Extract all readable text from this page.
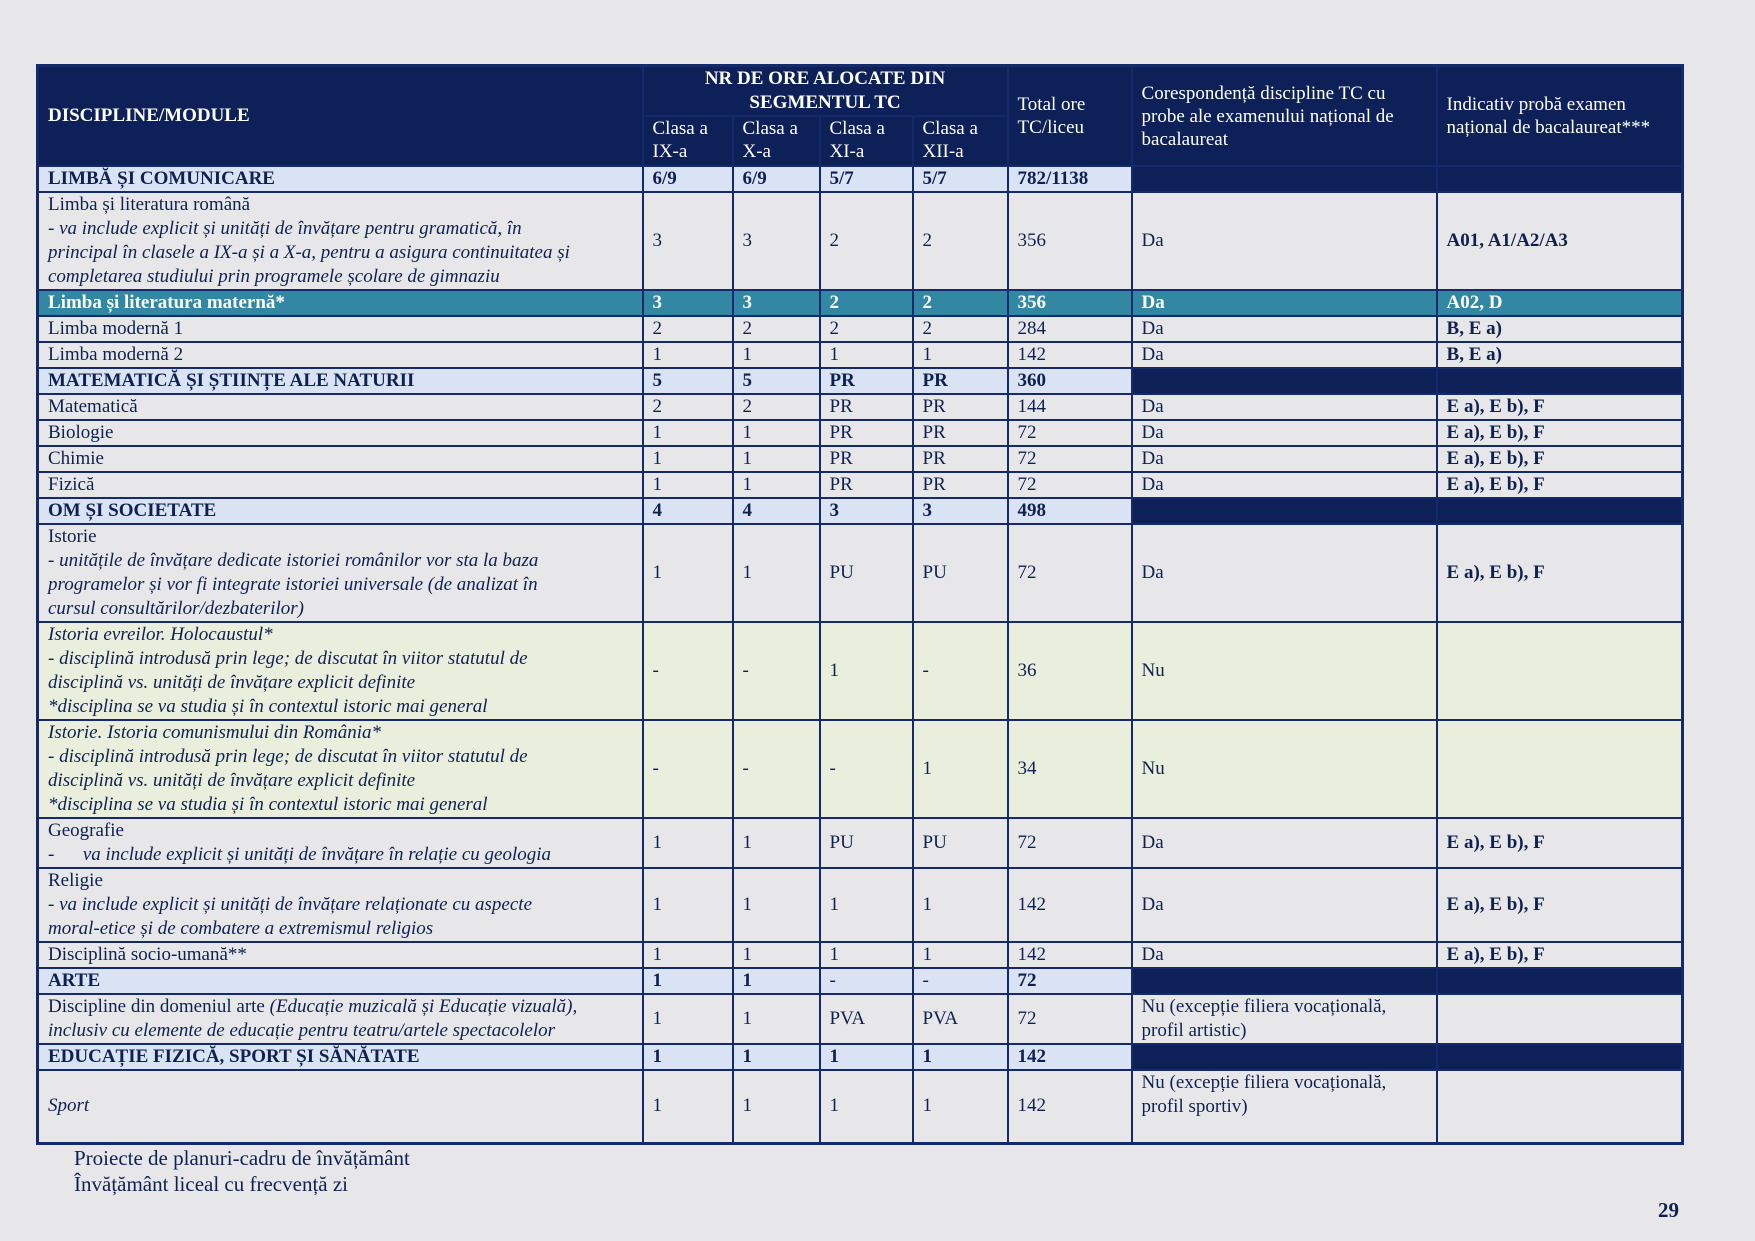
DISCIPLINE/MODULE	NR DE ORE ALOCATE DIN SEGMENTUL TC				Total ore TC/liceu	Corespondență discipline TC cu probe ale examenului național de bacalaureat	Indicativ probă examen național de bacalaureat***
	Clasa a IX-a	Clasa a X-a	Clasa a XI-a	Clasa a XII-a			
LIMBĂ ȘI COMUNICARE	6/9	6/9	5/7	5/7	782/1138		

Limba și literatura română
- va include explicit și unități de învățare pentru gramatică, în
principal în clasele a IX-a și a X-a, pentru a asigura continuitatea și
completarea studiului prin programele școlare de gimnaziu	3	3	2	2	356	Da	A01, A1/A2/A3
Limba și literatura maternă*	3	3	2	2	356	Da	A02, D
Limba modernă 1	2	2	2	2	284	Da	B, E a)
Limba modernă 2	1	1	1	1	142	Da	B, E a)
MATEMATICĂ ȘI ȘTIINȚE ALE NATURII	5	5	PR	PR	360		
Matematică	2	2	PR	PR	144	Da	E a), E b), F
Biologie	1	1	PR	PR	72	Da	E a), E b), F
Chimie	1	1	PR	PR	72	Da	E a), E b), F
Fizică	1	1	PR	PR	72	Da	E a), E b), F
OM ȘI SOCIETATE	4	4	3	3	498		

Istorie
- unitățile de învățare dedicate istoriei românilor vor sta la baza
programelor și vor fi integrate istoriei universale (de analizat în
cursul consultărilor/dezbaterilor)	1	1	PU	PU	72	Da	E a), E b), F

Istoria evreilor. Holocaustul*
- disciplină introdusă prin lege; de discutat în viitor statutul de
disciplină vs. unități de învățare explicit definite
*disciplina se va studia și în contextul istoric mai general	-	-	1	-	36	Nu	

Istorie. Istoria comunismului din România*
- disciplină introdusă prin lege; de discutat în viitor statutul de
disciplină vs. unități de învățare explicit definite
*disciplina se va studia și în contextul istoric mai general	-	-	-	1	34	Nu	

Geografie
-      va include explicit și unități de învățare în relație cu geologia	1	1	PU	PU	72	Da	E a), E b), F

Religie
- va include explicit și unități de învățare relaționate cu aspecte
moral-etice și de combatere a extremismul religios	1	1	1	1	142	Da	E a), E b), F
Disciplină socio-umană**	1	1	1	1	142	Da	E a), E b), F
ARTE	1	1	-	-	72		

Discipline din domeniul arte (Educație muzicală și Educație vizuală),
inclusiv cu elemente de educație pentru teatru/artele spectacolelor	1	1	PVA	PVA	72	Nu (excepție filiera vocațională,
profil artistic)	

EDUCAȚIE FIZICĂ, SPORT ȘI SĂNĂTATE	1	1	1	1	142		
Sport	1	1	1	1	142	Nu (excepție filiera vocațională,
profil sportiv)	

Proiecte de planuri-cadru de învățământ
Învățământ liceal cu frecvență zi
29
